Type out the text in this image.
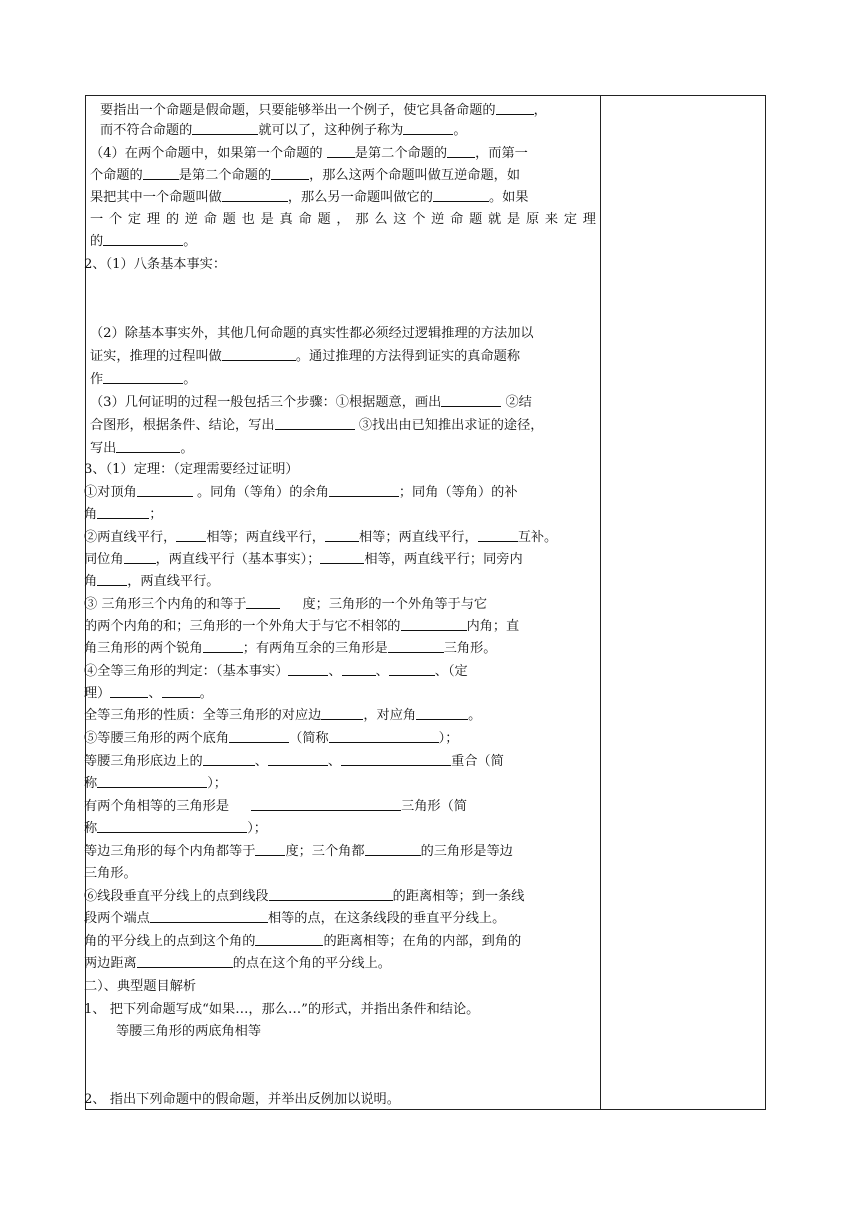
要指出一个命题是假命题，只要能够举出一个例子，使它具备命题的	，
而不符合命题的	就可以了，这种例子称为	。
（4）在两个命题中，如果第一个命题的 是第二个命题的 ，而第一
个命题的	是第二个命题的	，那么这两个命题叫做互逆命题，如
果把其中一个命题叫做	，那么另一命题叫做它的	。如果
一个定理的逆命题也是真命题，那么这个逆命题就是原来定理
的	。
2、（1）八条基本事实：
（2）除基本事实外，其他几何命题的真实性都必须经过逻辑推理的方法加以
证实，推理的过程叫做	。通过推理的方法得到证实的真命题称
作	。
（3）几何证明的过程一般包括三个步骤：①根据题意，画出	②结
合图形，根据条件、结论，写出	③找出由已知推出求证的途径，
写出	。
3、（1）定理：（定理需要经过证明）
①对顶角	。同角（等角）的余角	；同角（等角）的补
角	；
②两直线平行， 相等；两直线平行，	相等；两直线平行，	互补。
同位角 ，两直线平行（基本事实）；	相等，两直线平行；同旁内
角 ，两直线平行。
③ 三角形三个内角的和等于	度；三角形的一个外角等于与它
的两个内角的和；三角形的一个外角大于与它不相邻的	内角；直
角三角形的两个锐角	；有两角互余的三角形是	三角形。
④全等三角形的判定：（基本事实）	、	、	、（定
理）	、	。
全等三角形的性质：全等三角形的对应边	，对应角	。
⑤等腰三角形的两个底角	（简称	）；
等腰三角形底边上的	、	、	重合（简
称	）；
有两个角相等的三角形是	三角形（简
称	）；
等边三角形的每个内角都等于 度；三个角都	的三角形是等边
三角形。
⑥线段垂直平分线上的点到线段	的距离相等；到一条线
段两个端点	相等的点，在这条线段的垂直平分线上。
角的平分线上的点到这个角的	的距离相等；在角的内部，到角的
两边距离	的点在这个角的平分线上。
二）、典型题目解析
1、 把下列命题写成“如果…，那么…”的形式，并指出条件和结论。
等腰三角形的两底角相等
2、 指出下列命题中的假命题，并举出反例加以说明。
